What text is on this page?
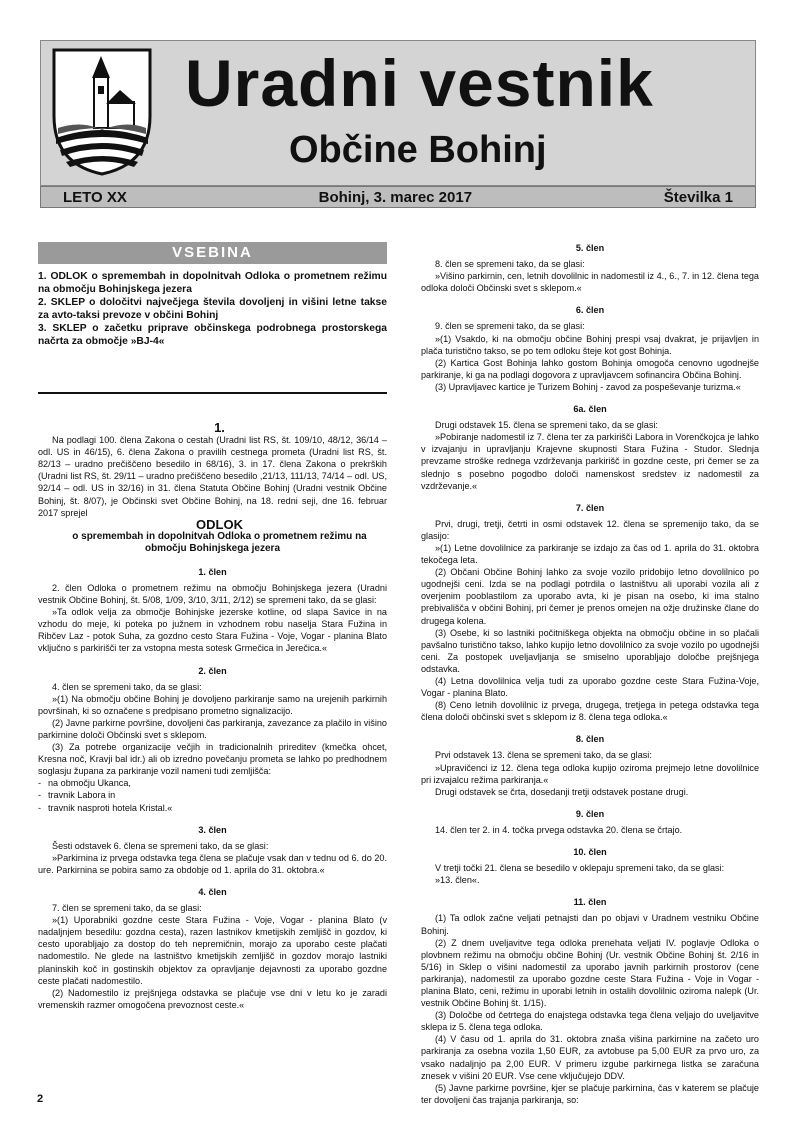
Uradni vestnik
Občine Bohinj
LETO XX	Bohinj, 3. marec 2017	Številka 1
VSEBINA

1. ODLOK o spremembah in dopolnitvah Odloka o prometnem režimu na območju Bohinjskega jezera

2. SKLEP o določitvi največjega števila dovoljenj in višini letne takse za avto-taksi prevoze v občini Bohinj

3. SKLEP o začetku priprave občinskega podrobnega prostorskega načrta za območje »BJ-4«

1.

Na podlagi 100. člena Zakona o cestah (Uradni list RS, št. 109/10, 48/12, 36/14 – odl. US in 46/15), 6. člena Zakona o pravilih cestnega prometa (Uradni list RS, št. 82/13 – uradno prečiščeno besedilo in 68/16), 3. in 17. člena Zakona o prekrških (Uradni list RS, št. 29/11 – uradno prečiščeno besedilo ,21/13, 111/13, 74/14 – odl. US, 92/14 – odl. US in 32/16) in 31. člena Statuta Občine Bohinj (Uradni vestnik Občine Bohinj, št. 8/07), je Občinski svet Občine Bohinj, na 18. redni seji, dne 16. februar 2017 sprejel

ODLOK

o spremembah in dopolnitvah Odloka o prometnem režimu na območju Bohinjskega jezera

1. člen

2. člen Odloka o prometnem režimu na območju Bohinjskega jezera (Uradni vestnik Občine Bohinj, št. 5/08, 1/09, 3/10, 3/11, 2/12) se spremeni tako, da se glasi:

»Ta odlok velja za območje Bohinjske jezerske kotline, od slapa Savice in na vzhodu do meje, ki poteka po južnem in vzhodnem robu naselja Stara Fužina in Ribčev Laz - potok Suha, za gozdno cesto Stara Fužina - Voje, Vogar - planina Blato vključno s parkirišči ter za vstopna mesta sotesk Grmečica in Jerečica.«

2. člen

4. člen se spremeni tako, da se glasi:

»(1) Na območju občine Bohinj je dovoljeno parkiranje samo na urejenih parkirnih površinah, ki so označene s predpisano prometno signalizacijo.

(2) Javne parkirne površine, dovoljeni čas parkiranja, zavezance za plačilo in višino parkirnine določi Občinski svet s sklepom.

(3) Za potrebe organizacije večjih in tradicionalnih prireditev (kmečka ohcet, Kresna noč, Kravji bal idr.) ali ob izredno povečanju prometa se lahko po predhodnem soglasju župana za parkiranje vozil nameni tudi zemljišča:

- na območju Ukanca,
- travnik Labora in
- travnik nasproti hotela Kristal.«

3. člen

Šesti odstavek 6. člena se spremeni tako, da se glasi:

»Parkirnina iz prvega odstavka tega člena se plačuje vsak dan v tednu od 6. do 20. ure. Parkirnina se pobira samo za obdobje od 1. aprila do 31. oktobra.«

4. člen

7. člen se spremeni tako, da se glasi:

»(1) Uporabniki gozdne ceste Stara Fužina - Voje, Vogar - planina Blato (v nadaljnjem besedilu: gozdna cesta), razen lastnikov kmetijskih zemljišč in gozdov, ki cesto uporabljajo za dostop do teh nepremičnin, morajo za uporabo ceste plačati nadomestilo. Ne glede na lastništvo kmetijskih zemljišč in gozdov morajo lastniki planinskih koč in gostinskih objektov za opravljanje dejavnosti za uporabo gozdne ceste plačati nadomestilo.

(2) Nadomestilo iz prejšnjega odstavka se plačuje vse dni v letu ko je zaradi vremenskih razmer omogočena prevoznost ceste.«

5. člen

8. člen se spremeni tako, da se glasi:

»Višino parkirnin, cen, letnih dovolilnic in nadomestil iz 4., 6., 7. in 12. člena tega odloka določi Občinski svet s sklepom.«

6. člen

9. člen se spremeni tako, da se glasi:

»(1) Vsakdo, ki na območju občine Bohinj prespi vsaj dvakrat, je prijavljen in plača turistično takso, se po tem odloku šteje kot gost Bohinja.

(2) Kartica Gost Bohinja lahko gostom Bohinja omogoča cenovno ugodnejše parkiranje, ki ga na podlagi dogovora z upravljavcem sofinancira Občina Bohinj.

(3) Upravljavec kartice je Turizem Bohinj - zavod za pospeševanje turizma.«

6a. člen

Drugi odstavek 15. člena se spremeni tako, da se glasi:

»Pobiranje nadomestil iz 7. člena ter za parkirišči Labora in Vorenčkojca je lahko v izvajanju in upravljanju Krajevne skupnosti Stara Fužina - Studor. Slednja prevzame stroške rednega vzdrževanja parkirišč in gozdne ceste, pri čemer se za slednjo s posebno pogodbo določi namenskost sredstev iz nadomestil za vzdrževanje.«

7. člen

Prvi, drugi, tretji, četrti in osmi odstavek 12. člena se spremenijo tako, da se glasijo:

»(1) Letne dovolilnice za parkiranje se izdajo za čas od 1. aprila do 31. oktobra tekočega leta.

(2) Občani Občine Bohinj lahko za svoje vozilo pridobijo letno dovolilnico po ugodnejši ceni. Izda se na podlagi potrdila o lastništvu ali uporabi vozila ali z overjenim pooblastilom za uporabo avta, ki je pisan na osebo, ki ima stalno prebivališča v občini Bohinj, pri čemer je prenos omejen na ožje družinske člane do drugega kolena.

(3) Osebe, ki so lastniki počitniškega objekta na območju občine in so plačali pavšalno turistično takso, lahko kupijo letno dovolilnico za svoje vozilo po ugodnejši ceni. Za postopek uveljavljanja se smiselno uporabljajo določbe prejšnjega odstavka.

(4) Letna dovolilnica velja tudi za uporabo gozdne ceste Stara Fužina-Voje, Vogar - planina Blato.

(8) Ceno letnih dovolilnic iz prvega, drugega, tretjega in petega odstavka tega člena določi občinski svet s sklepom iz 8. člena tega odloka.«

8. člen

Prvi odstavek 13. člena se spremeni tako, da se glasi:

»Upravičenci iz 12. člena tega odloka kupijo oziroma prejmejo letne dovolilnice pri izvajalcu režima parkiranja.«

Drugi odstavek se črta, dosedanji tretji odstavek postane drugi.

9. člen

14. člen ter 2. in 4. točka prvega odstavka 20. člena se črtajo.

10. člen

V tretji točki 21. člena se besedilo v oklepaju spremeni tako, da se glasi:

»13. člen«.

11. člen

(1) Ta odlok začne veljati petnajsti dan po objavi v Uradnem vestniku Občine Bohinj.

(2) Z dnem uveljavitve tega odloka prenehata veljati IV. poglavje Odloka o plovbnem režimu na območju občine Bohinj (Ur. vestnik Občine Bohinj št. 2/16 in 5/16) in Sklep o višini nadomestil za uporabo javnih parkirnih prostorov (cene parkiranja), nadomestil za uporabo gozdne ceste Stara Fužina - Voje in Vogar - planina Blato, ceni, režimu in uporabi letnih in ostalih dovolilnic oziroma nalepk (Ur. vestnik Občine Bohinj št. 1/15).

(3) Določbe od četrtega do enajstega odstavka tega člena veljajo do uveljavitve sklepa iz 5. člena tega odloka.

(4) V času od 1. aprila do 31. oktobra znaša višina parkirnine na začeto uro parkiranja za osebna vozila 1,50 EUR, za avtobuse pa 5,00 EUR za prvo uro, za vsako nadaljnjo pa 2,00 EUR. V primeru izgube parkirnega listka se zaračuna znesek v višini 20 EUR. Vse cene vključujejo DDV.

(5) Javne parkirne površine, kjer se plačuje parkirnina, čas v katerem se plačuje ter dovoljeni čas trajanja parkiranja, so:

2
